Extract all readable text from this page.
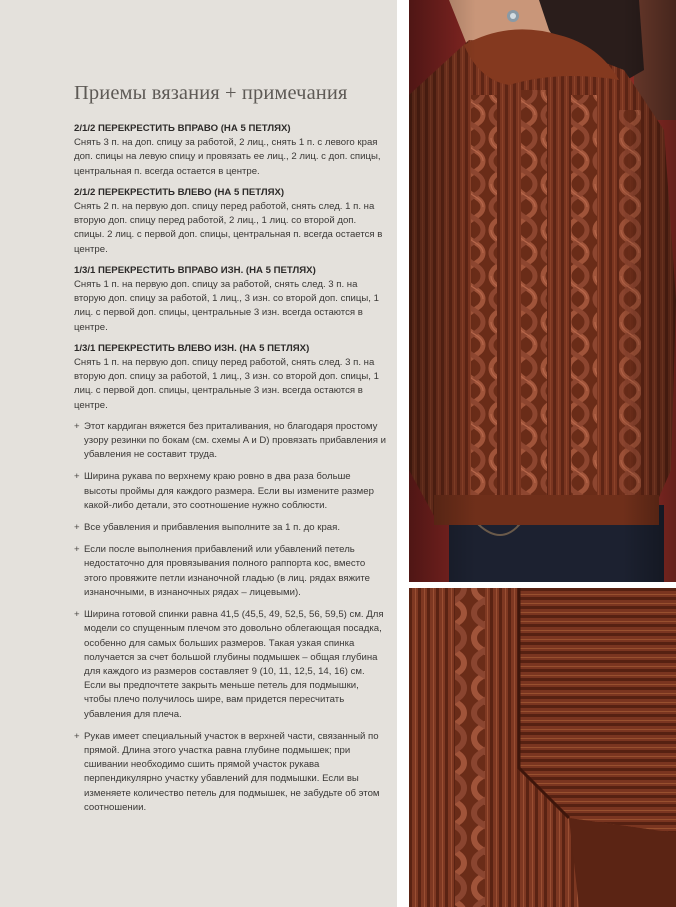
Приемы вязания + примечания
2/1/2 ПЕРЕКРЕСТИТЬ ВПРАВО (НА 5 ПЕТЛЯХ)
Снять 3 п. на доп. спицу за работой, 2 лиц., снять 1 п. с левого края доп. спицы на левую спицу и провязать ее лиц., 2 лиц. с доп. спицы, центральная п. всегда остается в центре.
2/1/2 ПЕРЕКРЕСТИТЬ ВЛЕВО (НА 5 ПЕТЛЯХ)
Снять 2 п. на первую доп. спицу перед работой, снять след. 1 п. на вторую доп. спицу перед работой, 2 лиц., 1 лиц. со второй доп. спицы. 2 лиц. с первой доп. спицы, центральная п. всегда остается в центре.
1/3/1 ПЕРЕКРЕСТИТЬ ВПРАВО ИЗН. (НА 5 ПЕТЛЯХ)
Снять 1 п. на первую доп. спицу за работой, снять след. 3 п. на вторую доп. спицу за работой, 1 лиц., 3 изн. со второй доп. спицы, 1 лиц. с первой доп. спицы, центральные 3 изн. всегда остаются в центре.
1/3/1 ПЕРЕКРЕСТИТЬ ВЛЕВО ИЗН. (НА 5 ПЕТЛЯХ)
Снять 1 п. на первую доп. спицу перед работой, снять след. 3 п. на вторую доп. спицу за работой, 1 лиц., 3 изн. со второй доп. спицы, 1 лиц. с первой доп. спицы, центральные 3 изн. всегда остаются в центре.
+ Этот кардиган вяжется без приталивания, но благодаря простому узору резинки по бокам (см. схемы A и D) провязать прибавления и убавления не составит труда.
+ Ширина рукава по верхнему краю ровно в два раза больше высоты проймы для каждого размера. Если вы измените размер какой-либо детали, это соотношение нужно соблюсти.
+ Все убавления и прибавления выполните за 1 п. до края.
+ Если после выполнения прибавлений или убавлений петель недостаточно для провязывания полного раппорта кос, вместо этого провяжите петли изнаночной гладью (в лиц. рядах вяжите изнаночными, в изнаночных рядах – лицевыми).
+ Ширина готовой спинки равна 41,5 (45,5, 49, 52,5, 56, 59,5) см. Для модели со спущенным плечом это довольно облегающая посадка, особенно для самых больших размеров. Такая узкая спинка получается за счет большой глубины подмышек – общая глубина для каждого из размеров составляет 9 (10, 11, 12,5, 14, 16) см. Если вы предпочтете закрыть меньше петель для подмышки, чтобы плечо получилось шире, вам придется пересчитать убавления для плеча.
+ Рукав имеет специальный участок в верхней части, связанный по прямой. Длина этого участка равна глубине подмышек; при сшивании необходимо сшить прямой участок рукава перпендикулярно участку убавлений для подмышки. Если вы изменяете количество петель для подмышек, не забудьте об этом соотношении.
